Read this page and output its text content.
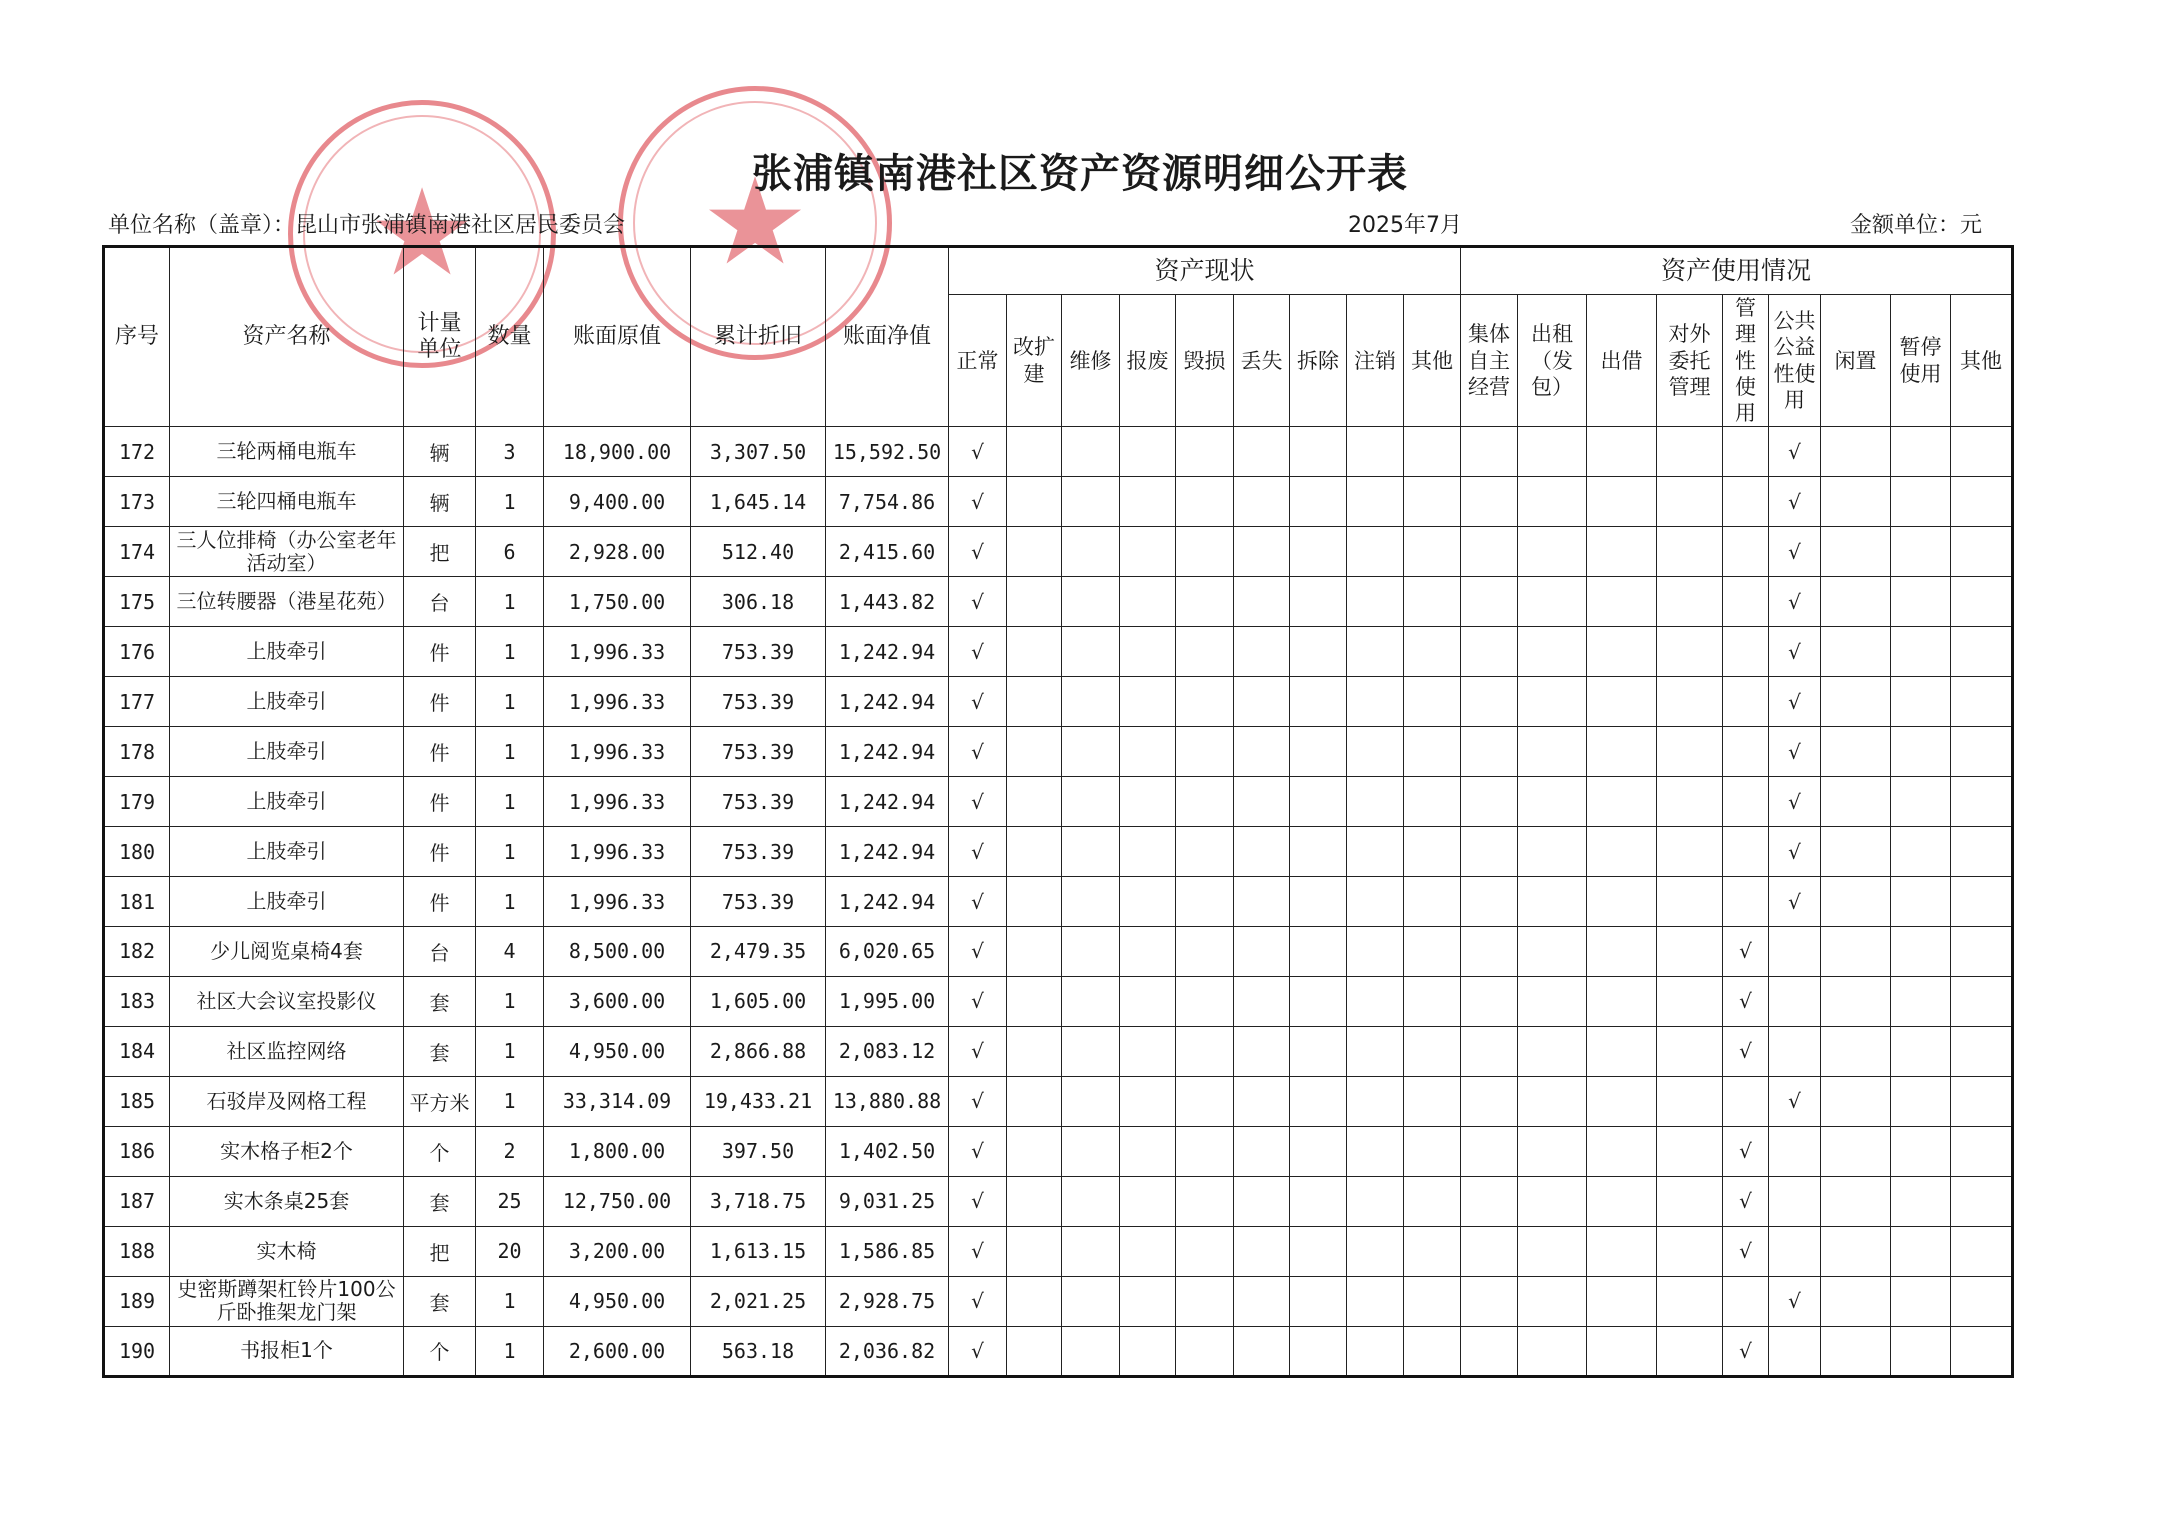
★ ★
张浦镇南港社区资产资源明细公开表
单位名称（盖章）：昆山市张浦镇南港社区居民委员会	2025年7月	金额单位：元
序号	资产名称	计量单位	数量	账面原值	累计折旧	账面净值	资产现状									资产使用情况								
							正常	改扩建	维修	报废	毁损	丢失	拆除	注销	其他	集体自主经营	出租（发包）	出借	对外委托管理	管理性使用	公共公益性使用	闲置	暂停使用	其他
172	三轮两桶电瓶车	辆	3	18,900.00	3,307.50	15,592.50	√														√			
173	三轮四桶电瓶车	辆	1	9,400.00	1,645.14	7,754.86	√														√			
174	三人位排椅（办公室老年活动室）	把	6	2,928.00	512.40	2,415.60	√														√			
175	三位转腰器（港星花苑）	台	1	1,750.00	306.18	1,443.82	√														√			
176	上肢牵引	件	1	1,996.33	753.39	1,242.94	√														√			
177	上肢牵引	件	1	1,996.33	753.39	1,242.94	√														√			
178	上肢牵引	件	1	1,996.33	753.39	1,242.94	√														√			
179	上肢牵引	件	1	1,996.33	753.39	1,242.94	√														√			
180	上肢牵引	件	1	1,996.33	753.39	1,242.94	√														√			
181	上肢牵引	件	1	1,996.33	753.39	1,242.94	√														√			
182	少儿阅览桌椅4套	台	4	8,500.00	2,479.35	6,020.65	√													√				
183	社区大会议室投影仪	套	1	3,600.00	1,605.00	1,995.00	√													√				
184	社区监控网络	套	1	4,950.00	2,866.88	2,083.12	√													√				
185	石驳岸及网格工程	平方米	1	33,314.09	19,433.21	13,880.88	√														√			
186	实木格子柜2个	个	2	1,800.00	397.50	1,402.50	√													√				
187	实木条桌25套	套	25	12,750.00	3,718.75	9,031.25	√													√				
188	实木椅	把	20	3,200.00	1,613.15	1,586.85	√													√				
189	史密斯蹲架杠铃片100公斤卧推架龙门架	套	1	4,950.00	2,021.25	2,928.75	√														√			
190	书报柜1个	个	1	2,600.00	563.18	2,036.82	√													√				
